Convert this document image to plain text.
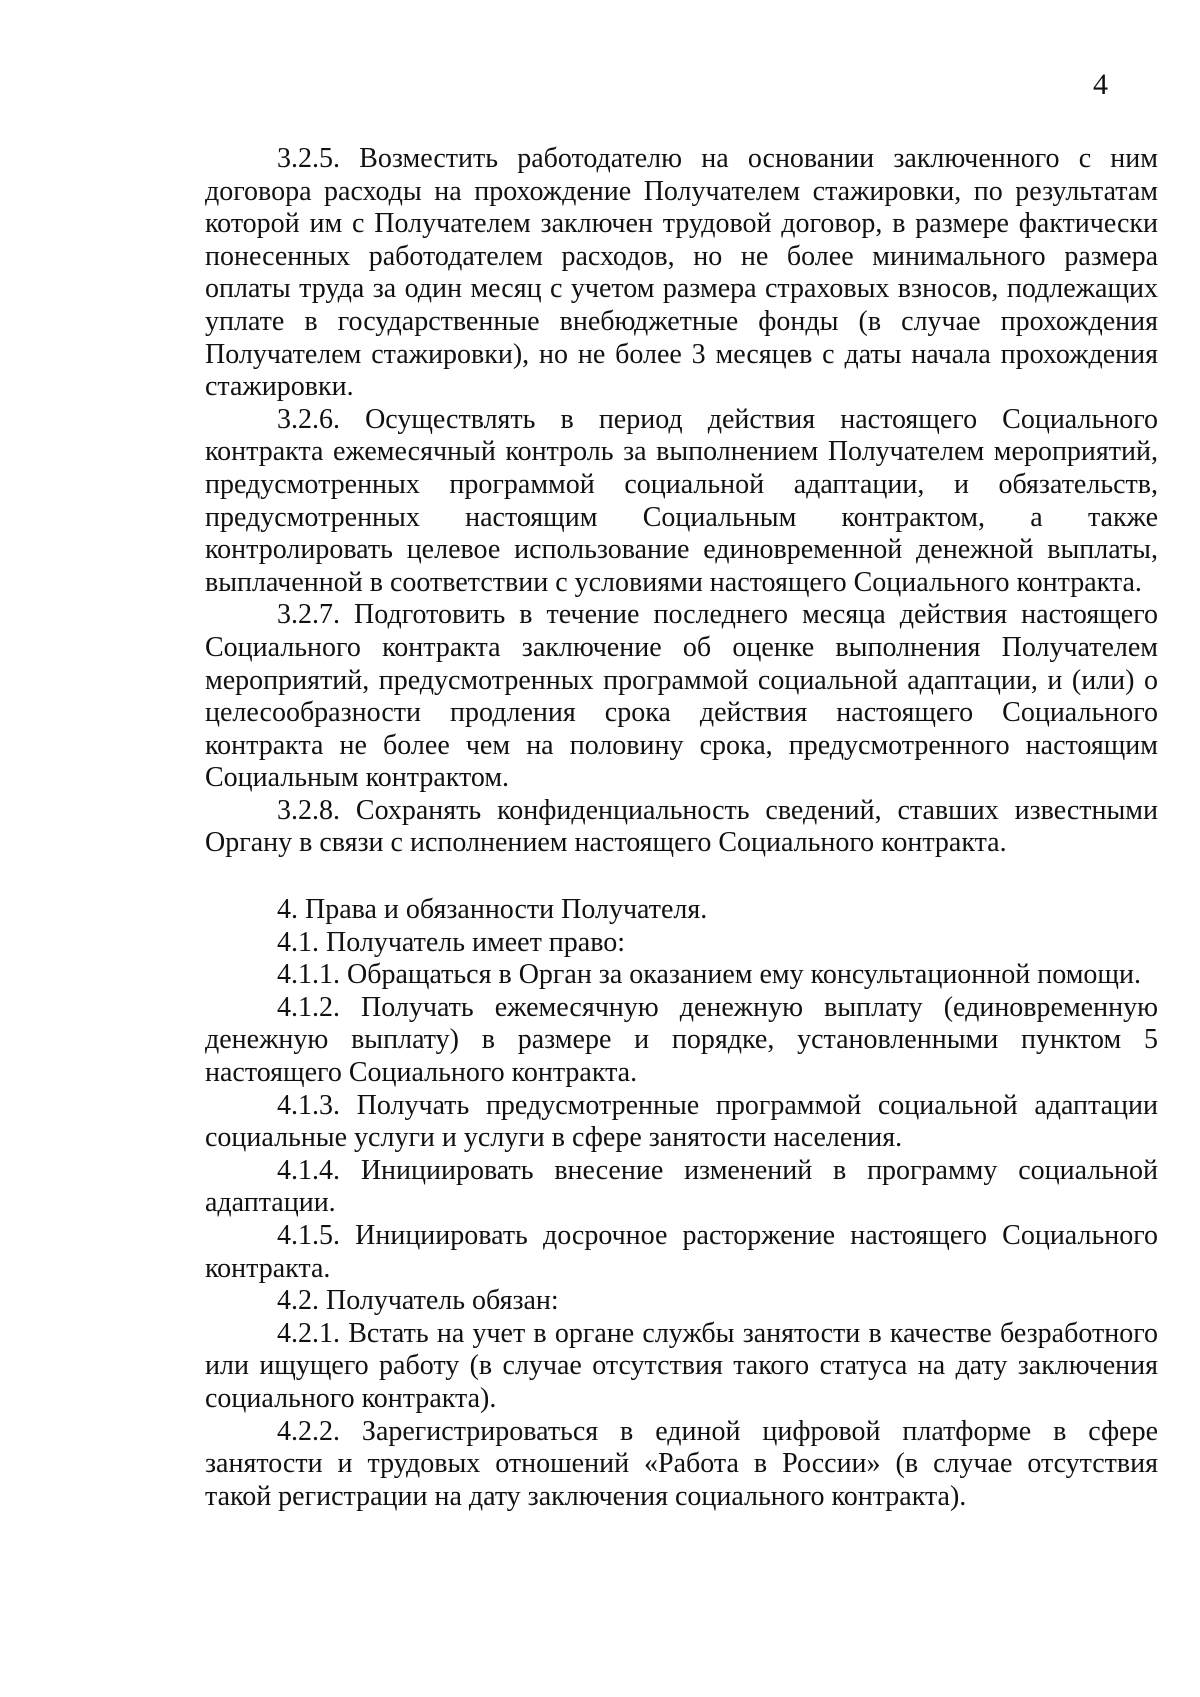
4

3.2.5. Возместить работодателю на основании заключенного с ним договора расходы на прохождение Получателем стажировки, по результатам которой им с Получателем заключен трудовой договор, в размере фактически понесенных работодателем расходов, но не более минимального размера оплаты труда за один месяц с учетом размера страховых взносов, подлежащих уплате в государственные внебюджетные фонды (в случае прохождения Получателем стажировки), но не более 3 месяцев с даты начала прохождения стажировки.

3.2.6. Осуществлять в период действия настоящего Социального контракта ежемесячный контроль за выполнением Получателем мероприятий, предусмотренных программой социальной адаптации, и обязательств, предусмотренных настоящим Социальным контрактом, а также контролировать целевое использование единовременной денежной выплаты, выплаченной в соответствии с условиями настоящего Социального контракта.

3.2.7. Подготовить в течение последнего месяца действия настоящего Социального контракта заключение об оценке выполнения Получателем мероприятий, предусмотренных программой социальной адаптации, и (или) о целесообразности продления срока действия настоящего Социального контракта не более чем на половину срока, предусмотренного настоящим Социальным контрактом.

3.2.8. Сохранять конфиденциальность сведений, ставших известными Органу в связи с исполнением настоящего Социального контракта.

4. Права и обязанности Получателя.

4.1. Получатель имеет право:

4.1.1. Обращаться в Орган за оказанием ему консультационной помощи.

4.1.2. Получать ежемесячную денежную выплату (единовременную денежную выплату) в размере и порядке, установленными пунктом 5 настоящего Социального контракта.

4.1.3. Получать предусмотренные программой социальной адаптации социальные услуги и услуги в сфере занятости населения.

4.1.4. Инициировать внесение изменений в программу социальной адаптации.

4.1.5. Инициировать досрочное расторжение настоящего Социального контракта.

4.2. Получатель обязан:

4.2.1. Встать на учет в органе службы занятости в качестве безработного или ищущего работу (в случае отсутствия такого статуса на дату заключения социального контракта).

4.2.2. Зарегистрироваться в единой цифровой платформе в сфере занятости и трудовых отношений «Работа в России» (в случае отсутствия такой регистрации на дату заключения социального контракта).
